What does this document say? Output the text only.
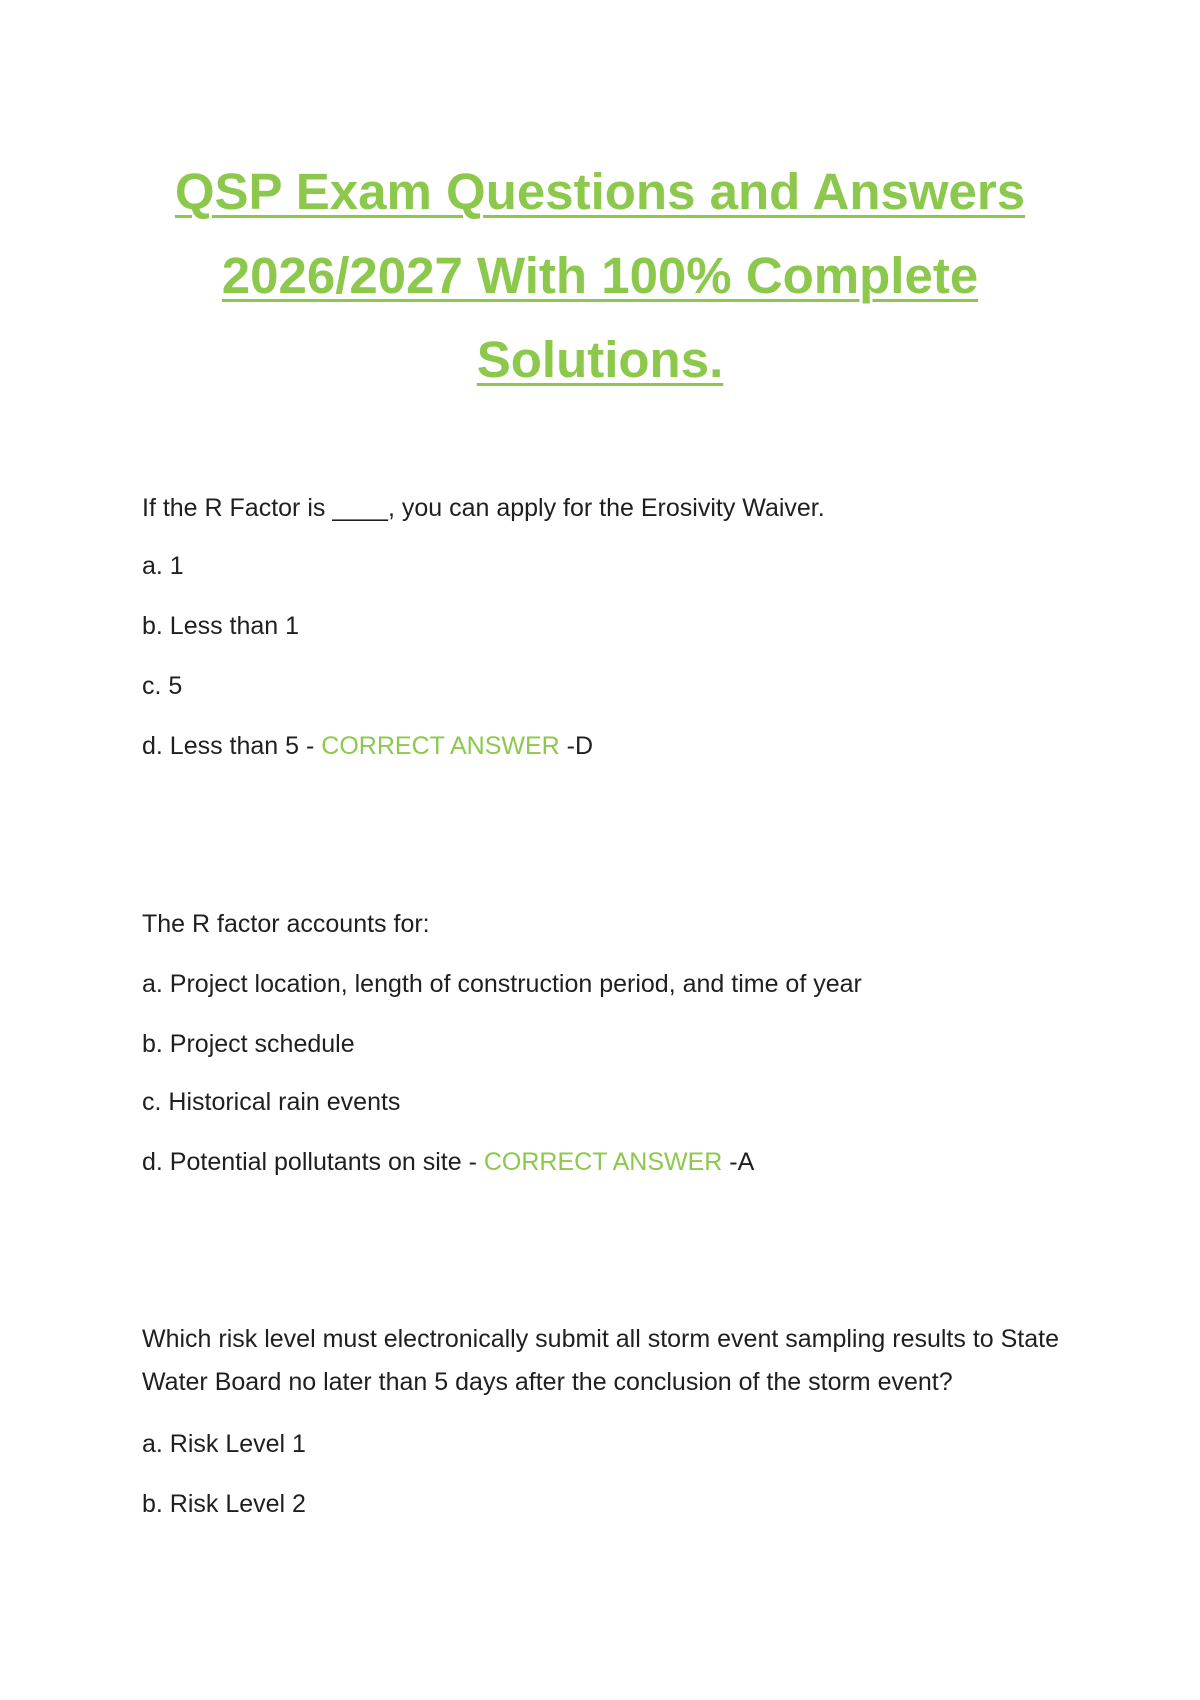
QSP Exam Questions and Answers
2026/2027 With 100% Complete
Solutions.

If the R Factor is ____, you can apply for the Erosivity Waiver.

a. 1

b. Less than 1

c. 5

d. Less than 5 - CORRECT ANSWER -D

The R factor accounts for:

a. Project location, length of construction period, and time of year

b. Project schedule

c. Historical rain events

d. Potential pollutants on site - CORRECT ANSWER -A

Which risk level must electronically submit all storm event sampling results to State Water Board no later than 5 days after the conclusion of the storm event?

a. Risk Level 1

b. Risk Level 2
